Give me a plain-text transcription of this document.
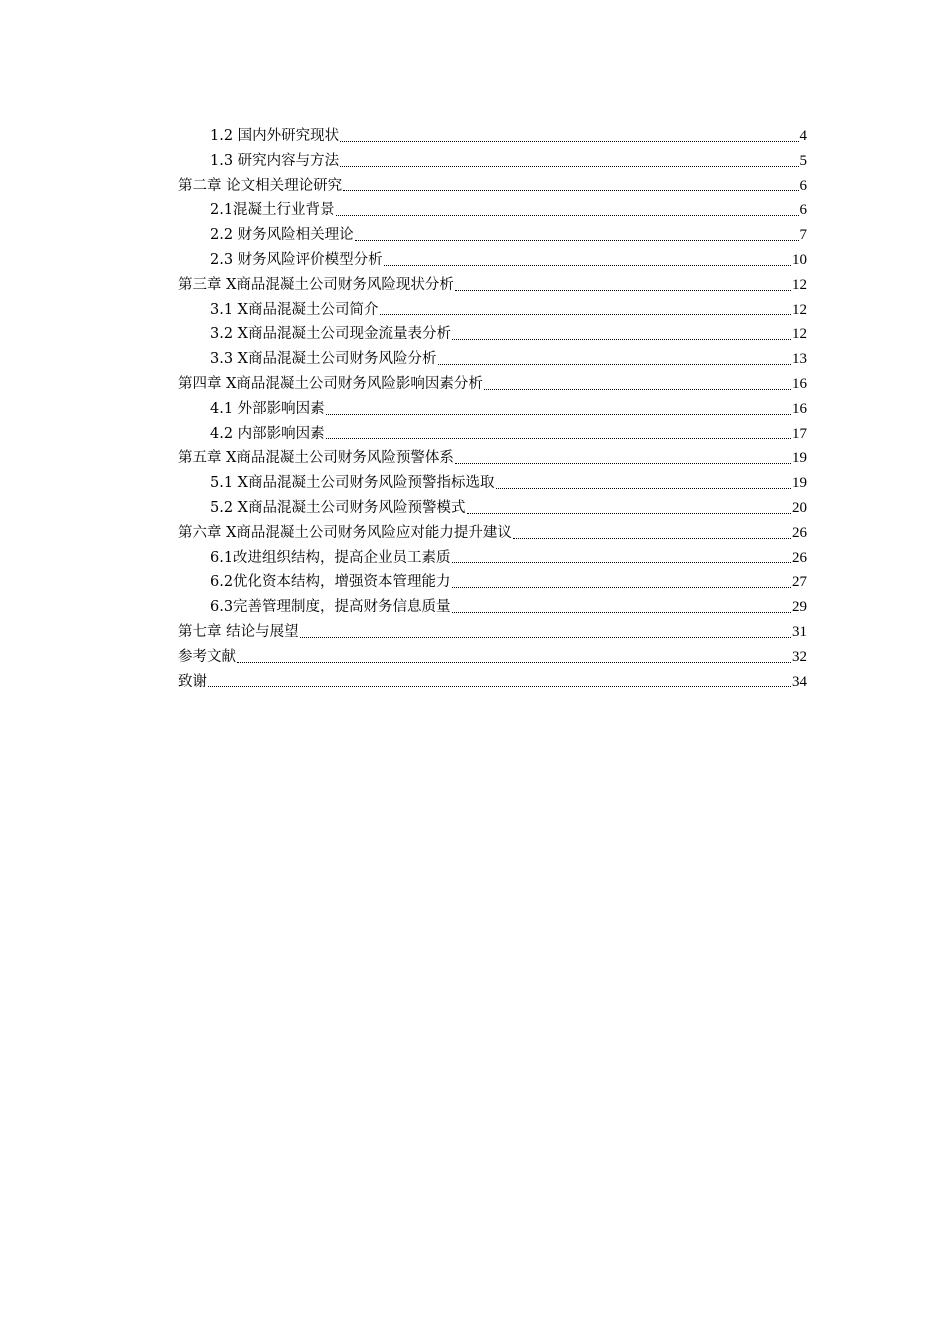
1.2 国内外研究现状	4
1.3 研究内容与方法	5
第二章 论文相关理论研究	6
2.1混凝土行业背景	6
2.2 财务风险相关理论	7
2.3 财务风险评价模型分析	10
第三章 X商品混凝土公司财务风险现状分析	12
3.1 X商品混凝土公司简介	12
3.2 X商品混凝土公司现金流量表分析	12
3.3 X商品混凝土公司财务风险分析	13
第四章 X商品混凝土公司财务风险影响因素分析	16
4.1 外部影响因素	16
4.2 内部影响因素	17
第五章 X商品混凝土公司财务风险预警体系	19
5.1 X商品混凝土公司财务风险预警指标选取	19
5.2 X商品混凝土公司财务风险预警模式	20
第六章 X商品混凝土公司财务风险应对能力提升建议	26
6.1改进组织结构，提高企业员工素质	26
6.2优化资本结构，增强资本管理能力	27
6.3完善管理制度，提高财务信息质量	29
第七章 结论与展望	31
参考文献	32
致谢	34
